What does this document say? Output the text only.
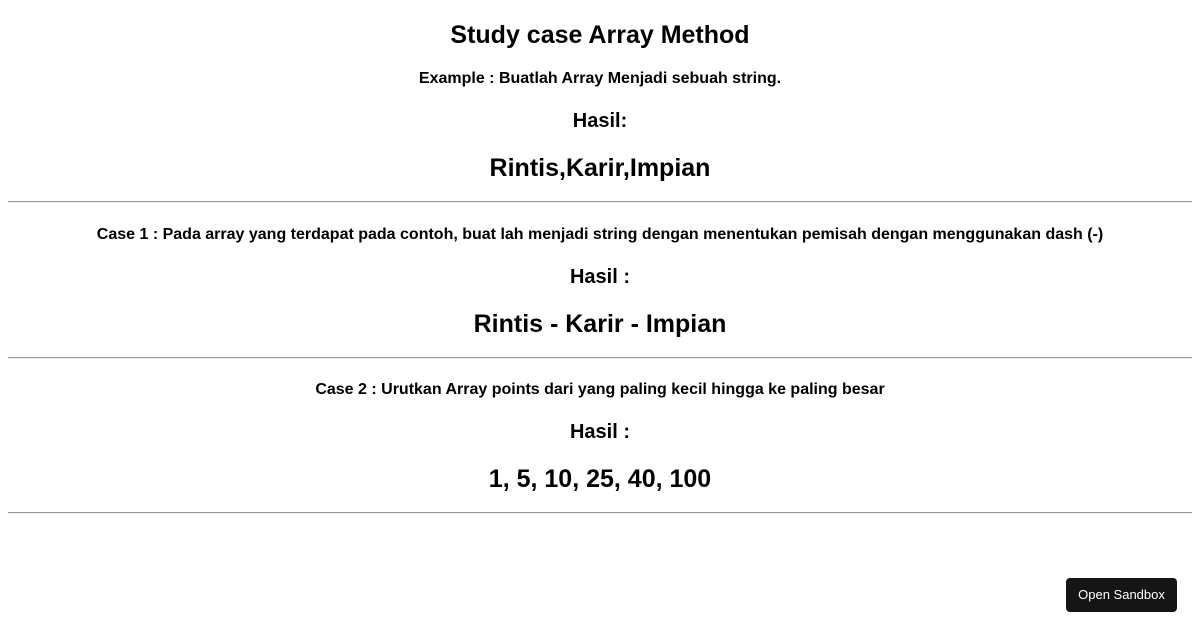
Study case Array Method
Example : Buatlah Array Menjadi sebuah string.
Hasil:
Rintis,Karir,Impian
Case 1 : Pada array yang terdapat pada contoh, buat lah menjadi string dengan menentukan pemisah dengan menggunakan dash (-)
Hasil :
Rintis - Karir - Impian
Case 2 : Urutkan Array points dari yang paling kecil hingga ke paling besar
Hasil :
1, 5, 10, 25, 40, 100
Open Sandbox
